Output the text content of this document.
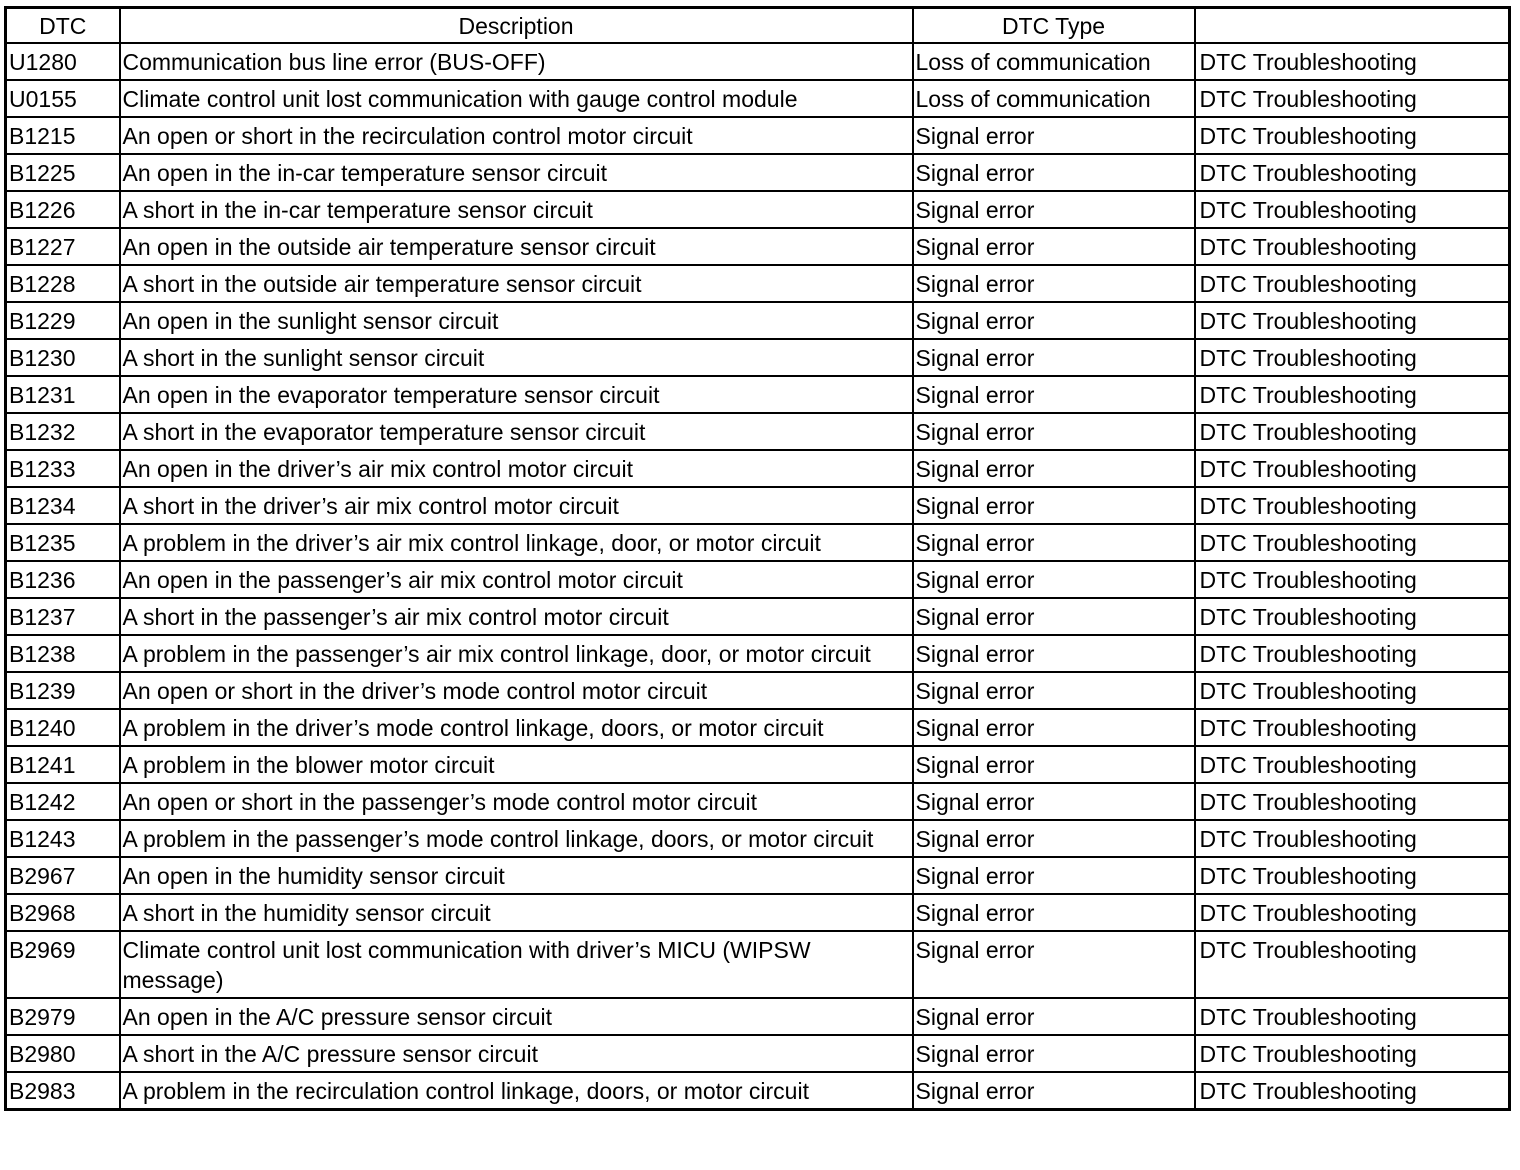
DTC	Description	DTC Type	
U1280	Communication bus line error (BUS-OFF)	Loss of communication	DTC Troubleshooting
U0155	Climate control unit lost communication with gauge control module	Loss of communication	DTC Troubleshooting
B1215	An open or short in the recirculation control motor circuit	Signal error	DTC Troubleshooting
B1225	An open in the in-car temperature sensor circuit	Signal error	DTC Troubleshooting
B1226	A short in the in-car temperature sensor circuit	Signal error	DTC Troubleshooting
B1227	An open in the outside air temperature sensor circuit	Signal error	DTC Troubleshooting
B1228	A short in the outside air temperature sensor circuit	Signal error	DTC Troubleshooting
B1229	An open in the sunlight sensor circuit	Signal error	DTC Troubleshooting
B1230	A short in the sunlight sensor circuit	Signal error	DTC Troubleshooting
B1231	An open in the evaporator temperature sensor circuit	Signal error	DTC Troubleshooting
B1232	A short in the evaporator temperature sensor circuit	Signal error	DTC Troubleshooting
B1233	An open in the driver’s air mix control motor circuit	Signal error	DTC Troubleshooting
B1234	A short in the driver’s air mix control motor circuit	Signal error	DTC Troubleshooting
B1235	A problem in the driver’s air mix control linkage, door, or motor circuit	Signal error	DTC Troubleshooting
B1236	An open in the passenger’s air mix control motor circuit	Signal error	DTC Troubleshooting
B1237	A short in the passenger’s air mix control motor circuit	Signal error	DTC Troubleshooting
B1238	A problem in the passenger’s air mix control linkage, door, or motor circuit	Signal error	DTC Troubleshooting
B1239	An open or short in the driver’s mode control motor circuit	Signal error	DTC Troubleshooting
B1240	A problem in the driver’s mode control linkage, doors, or motor circuit	Signal error	DTC Troubleshooting
B1241	A problem in the blower motor circuit	Signal error	DTC Troubleshooting
B1242	An open or short in the passenger’s mode control motor circuit	Signal error	DTC Troubleshooting
B1243	A problem in the passenger’s mode control linkage, doors, or motor circuit	Signal error	DTC Troubleshooting
B2967	An open in the humidity sensor circuit	Signal error	DTC Troubleshooting
B2968	A short in the humidity sensor circuit	Signal error	DTC Troubleshooting
B2969	Climate control unit lost communication with driver’s MICU (WIPSW message)	Signal error	DTC Troubleshooting
B2979	An open in the A/C pressure sensor circuit	Signal error	DTC Troubleshooting
B2980	A short in the A/C pressure sensor circuit	Signal error	DTC Troubleshooting
B2983	A problem in the recirculation control linkage, doors, or motor circuit	Signal error	DTC Troubleshooting
